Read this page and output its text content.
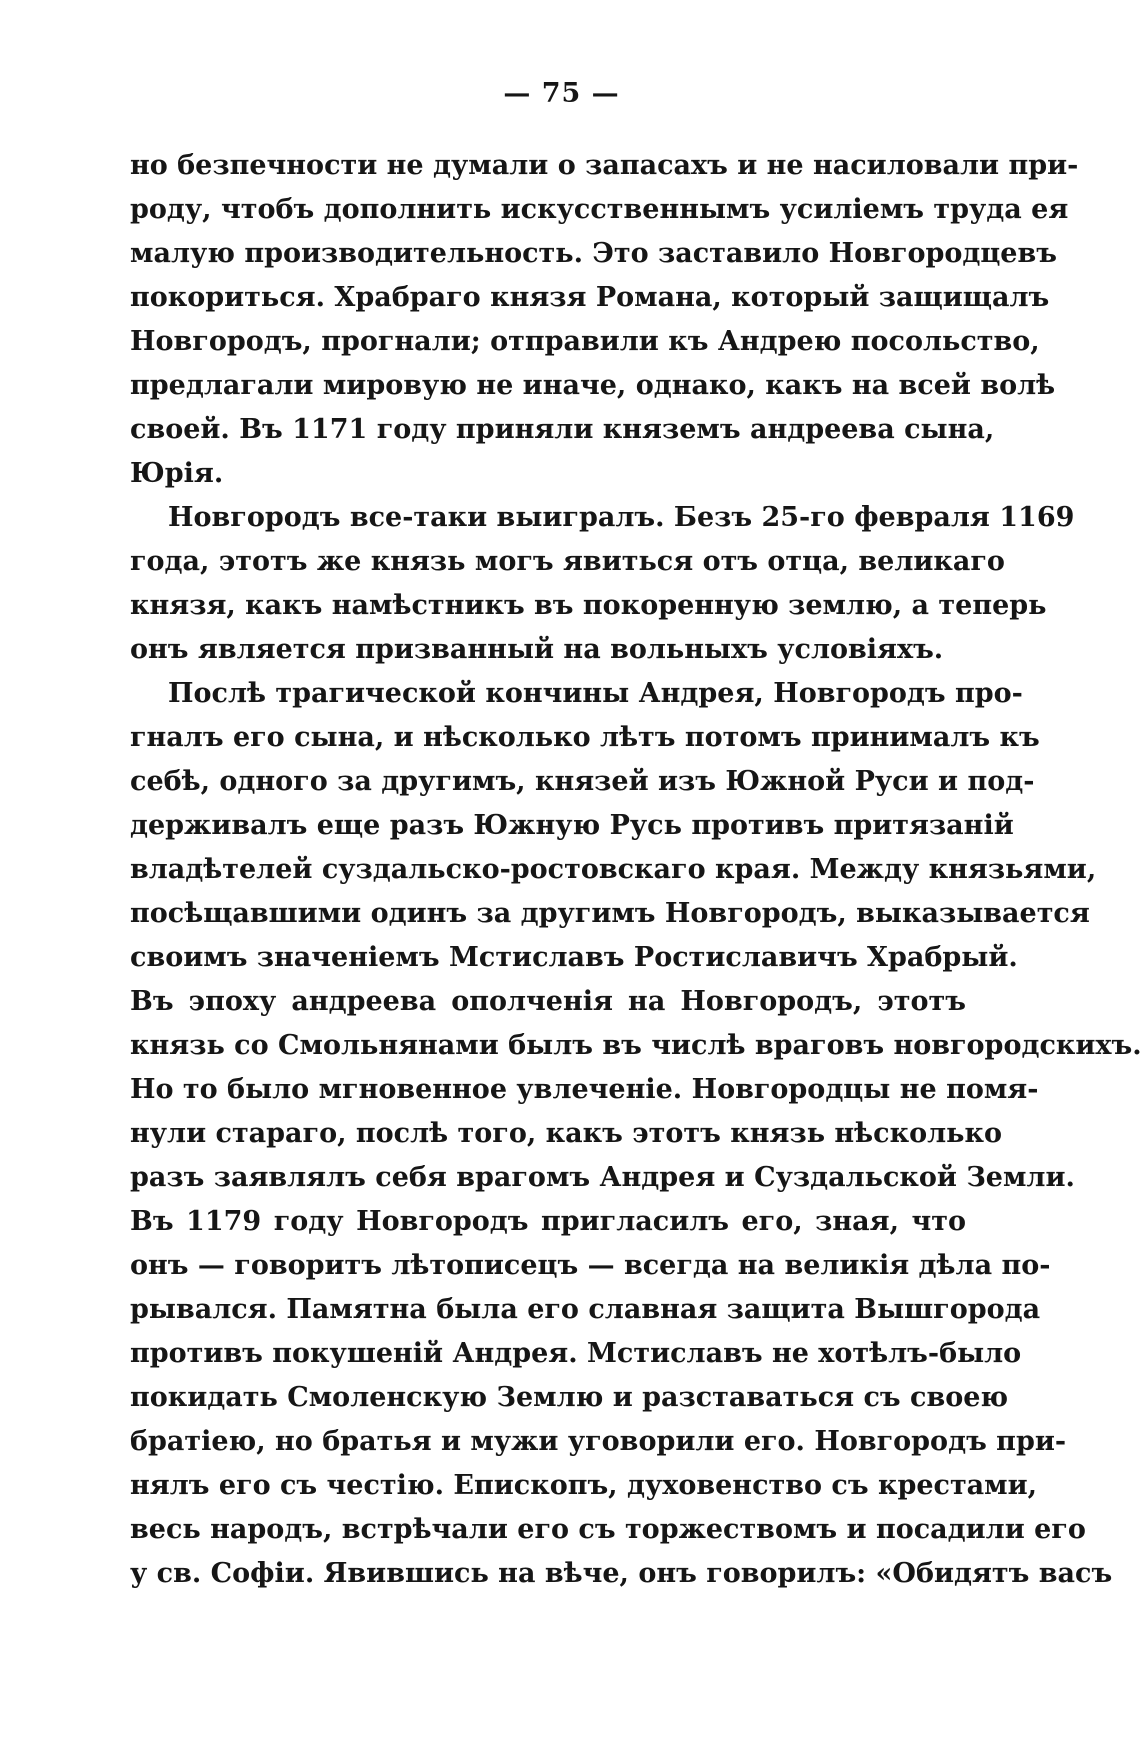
— 75 —
но безпечности не думали о запасахъ и не насиловали при-
роду, чтобъ дополнить искусственнымъ усиліемъ труда ея
малую производительность. Это заставило Новгородцевъ
покориться. Храбраго князя Романа, который защищалъ
Новгородъ, прогнали; отправили къ Андрею посольство,
предлагали мировую не иначе, однако, какъ на всей волѣ
своей. Въ 1171 году приняли княземъ андреева сына,
Юрія.
Новгородъ все-таки выигралъ. Безъ 25-го февраля 1169
года, этотъ же князь могъ явиться отъ отца, великаго
князя, какъ намѣстникъ въ покоренную землю, а теперь
онъ является призванный на вольныхъ условіяхъ.
Послѣ трагической кончины Андрея, Новгородъ про-
гналъ его сына, и нѣсколько лѣтъ потомъ принималъ къ
себѣ, одного за другимъ, князей изъ Южной Руси и под-
держивалъ еще разъ Южную Русь противъ притязаній
владѣтелей суздальско-ростовскаго края. Между князьями,
посѣщавшими одинъ за другимъ Новгородъ, выказывается
своимъ значеніемъ Мстиславъ Ростиславичъ Храбрый.
Въ эпоху андреева ополченія на Новгородъ, этотъ
князь со Смольнянами былъ въ числѣ враговъ новгородскихъ.
Но то было мгновенное увлеченіе. Новгородцы не помя-
нули стараго, послѣ того, какъ этотъ князь нѣсколько
разъ заявлялъ себя врагомъ Андрея и Суздальской Земли.
Въ 1179 году Новгородъ пригласилъ его, зная, что
онъ — говоритъ лѣтописецъ — всегда на великія дѣла по-
рывался. Памятна была его славная защита Вышгорода
противъ покушеній Андрея. Мстиславъ не хотѣлъ-было
покидать Смоленскую Землю и разставаться съ своею
братіею, но братья и мужи уговорили его. Новгородъ при-
нялъ его съ честію. Епископъ, духовенство съ крестами,
весь народъ, встрѣчали его съ торжествомъ и посадили его
у св. Софіи. Явившись на вѣче, онъ говорилъ: «Обидятъ васъ
